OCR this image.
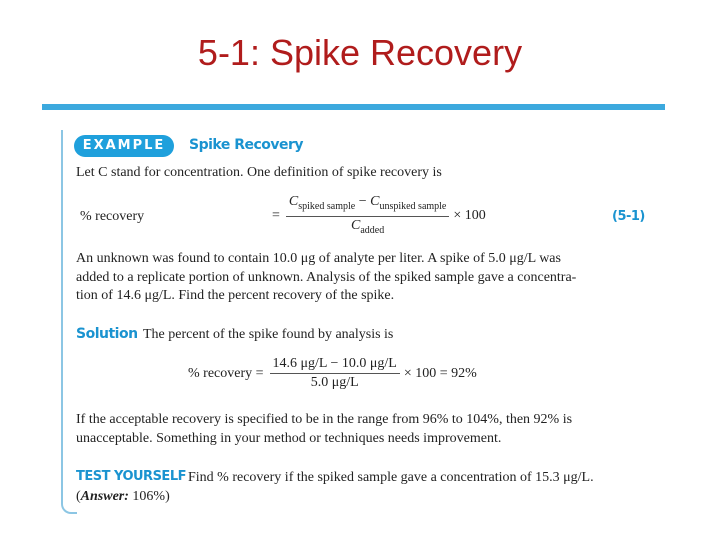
5-1: Spike Recovery
EXAMPLE	Spike Recovery
Let C stand for concentration. One definition of spike recovery is
% recovery	= $\frac{C_{spiked sample} - C_{unspiked sample}}{C_{added}} \times 100$	(5-1)
An unknown was found to contain 10.0 μg of analyte per liter. A spike of 5.0 μg/L was
added to a replicate portion of unknown. Analysis of the spiked sample gave a concentra-
tion of 14.6 μg/L. Find the percent recovery of the spike.
Solution The percent of the spike found by analysis is
% recovery = $\frac{14.6 \mu g/L - 10.0 \mu g/L}{5.0 \mu g/L} \times 100 = 92\%$
If the acceptable recovery is specified to be in the range from 96% to 104%, then 92% is
unacceptable. Something in your method or techniques needs improvement.
TEST YOURSELF Find % recovery if the spiked sample gave a concentration of 15.3 μg/L.
(Answer: 106%)
